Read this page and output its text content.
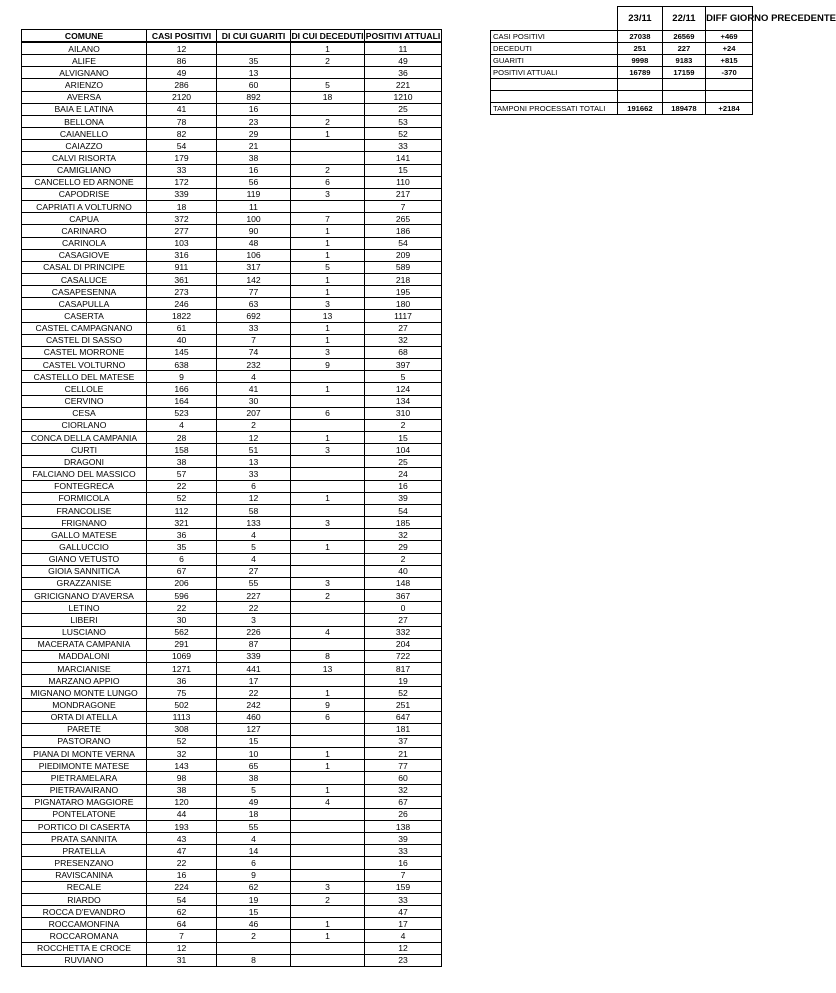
COMUNE	CASI POSITIVI	DI CUI GUARITI	DI CUI DECEDUTI	POSITIVI ATTUALI
AILANO	12		1	11
ALIFE	86	35	2	49
ALVIGNANO	49	13		36
ARIENZO	286	60	5	221
AVERSA	2120	892	18	1210
BAIA E LATINA	41	16		25
BELLONA	78	23	2	53
CAIANELLO	82	29	1	52
CAIAZZO	54	21		33
CALVI RISORTA	179	38		141
CAMIGLIANO	33	16	2	15
CANCELLO ED ARNONE	172	56	6	110
CAPODRISE	339	119	3	217
CAPRIATI A VOLTURNO	18	11		7
CAPUA	372	100	7	265
CARINARO	277	90	1	186
CARINOLA	103	48	1	54
CASAGIOVE	316	106	1	209
CASAL DI PRINCIPE	911	317	5	589
CASALUCE	361	142	1	218
CASAPESENNA	273	77	1	195
CASAPULLA	246	63	3	180
CASERTA	1822	692	13	1117
CASTEL CAMPAGNANO	61	33	1	27
CASTEL DI SASSO	40	7	1	32
CASTEL MORRONE	145	74	3	68
CASTEL VOLTURNO	638	232	9	397
CASTELLO DEL MATESE	9	4		5
CELLOLE	166	41	1	124
CERVINO	164	30		134
CESA	523	207	6	310
CIORLANO	4	2		2
CONCA DELLA CAMPANIA	28	12	1	15
CURTI	158	51	3	104
DRAGONI	38	13		25
FALCIANO DEL MASSICO	57	33		24
FONTEGRECA	22	6		16
FORMICOLA	52	12	1	39
FRANCOLISE	112	58		54
FRIGNANO	321	133	3	185
GALLO MATESE	36	4		32
GALLUCCIO	35	5	1	29
GIANO VETUSTO	6	4		2
GIOIA SANNITICA	67	27		40
GRAZZANISE	206	55	3	148
GRICIGNANO D'AVERSA	596	227	2	367
LETINO	22	22		0
LIBERI	30	3		27
LUSCIANO	562	226	4	332
MACERATA CAMPANIA	291	87		204
MADDALONI	1069	339	8	722
MARCIANISE	1271	441	13	817
MARZANO APPIO	36	17		19
MIGNANO MONTE LUNGO	75	22	1	52
MONDRAGONE	502	242	9	251
ORTA DI ATELLA	1113	460	6	647
PARETE	308	127		181
PASTORANO	52	15		37
PIANA DI MONTE VERNA	32	10	1	21
PIEDIMONTE MATESE	143	65	1	77
PIETRAMELARA	98	38		60
PIETRAVAIRANO	38	5	1	32
PIGNATARO MAGGIORE	120	49	4	67
PONTELATONE	44	18		26
PORTICO DI CASERTA	193	55		138
PRATA SANNITA	43	4		39
PRATELLA	47	14		33
PRESENZANO	22	6		16
RAVISCANINA	16	9		7
RECALE	224	62	3	159
RIARDO	54	19	2	33
ROCCA D'EVANDRO	62	15		47
ROCCAMONFINA	64	46	1	17
ROCCAROMANA	7	2	1	4
ROCCHETTA E CROCE	12			12
RUVIANO	31	8		23
	23/11	22/11	DIFF GIORNO PRECEDENTE
CASI POSITIVI	27038	26569	+469
DECEDUTI	251	227	+24
GUARITI	9998	9183	+815
POSITIVI ATTUALI	16789	17159	-370

TAMPONI PROCESSATI TOTALI	191662	189478	+2184
